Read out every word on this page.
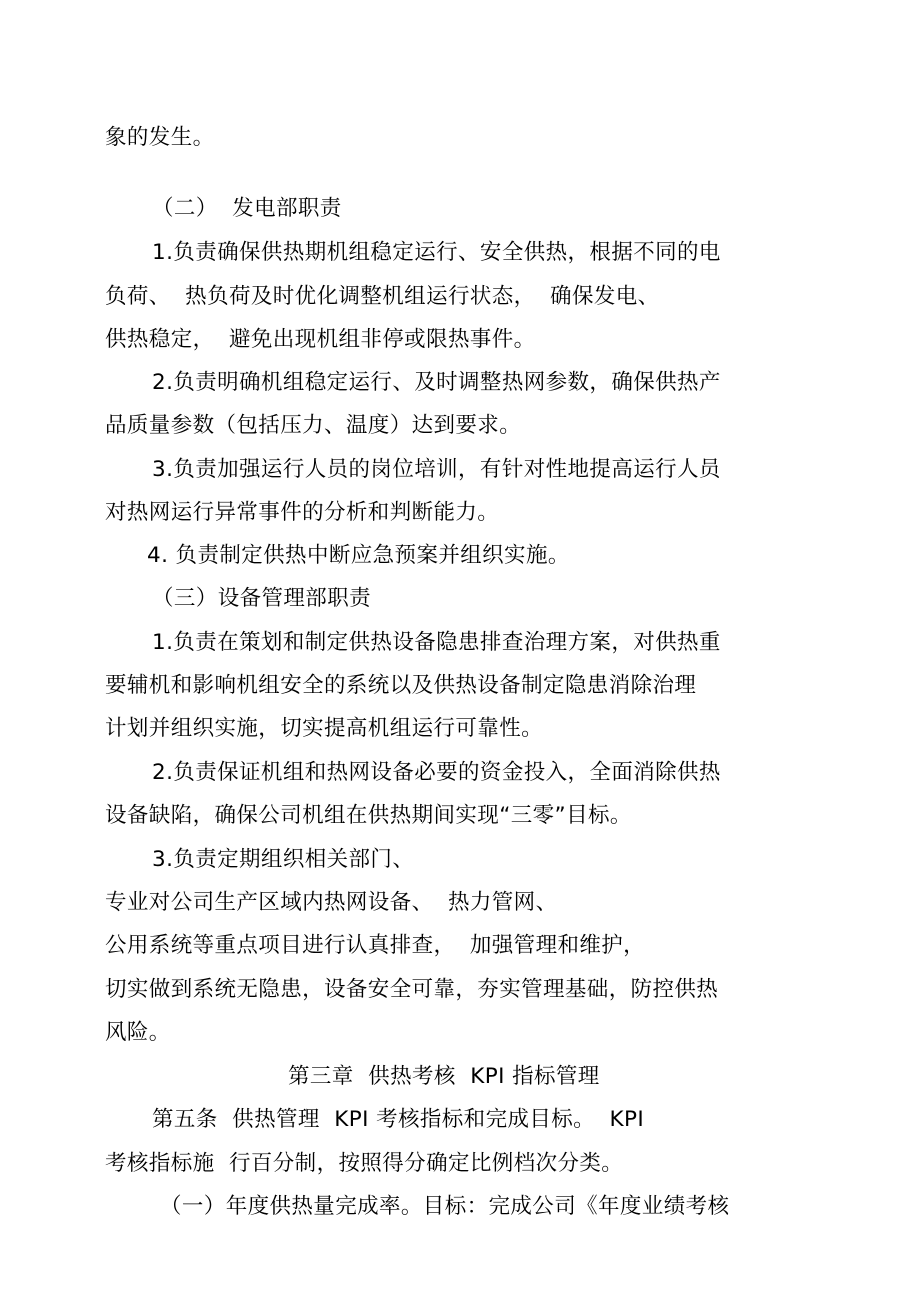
象的发生。
（二）  发电部职责
1.负责确保供热期机组稳定运行、安全供热，根据不同的电
负荷、  热负荷及时优化调整机组运行状态，  确保发电、
供热稳定，  避免出现机组非停或限热事件。
2.负责明确机组稳定运行、及时调整热网参数，确保供热产
品质量参数（包括压力、温度）达到要求。
3.负责加强运行人员的岗位培训，有针对性地提高运行人员
对热网运行异常事件的分析和判断能力。
4. 负责制定供热中断应急预案并组织实施。
（三）设备管理部职责
1.负责在策划和制定供热设备隐患排查治理方案，对供热重
要辅机和影响机组安全的系统以及供热设备制定隐患消除治理
计划并组织实施，切实提高机组运行可靠性。
2.负责保证机组和热网设备必要的资金投入，全面消除供热
设备缺陷，确保公司机组在供热期间实现“三零”目标。
3.负责定期组织相关部门、
专业对公司生产区域内热网设备、  热力管网、
公用系统等重点项目进行认真排查，  加强管理和维护，
切实做到系统无隐患，设备安全可靠，夯实管理基础，防控供热
风险。
第三章  供热考核  KPI 指标管理
第五条  供热管理  KPI 考核指标和完成目标。  KPI
考核指标施  行百分制，按照得分确定比例档次分类。
（一）年度供热量完成率。目标：完成公司《年度业绩考核
